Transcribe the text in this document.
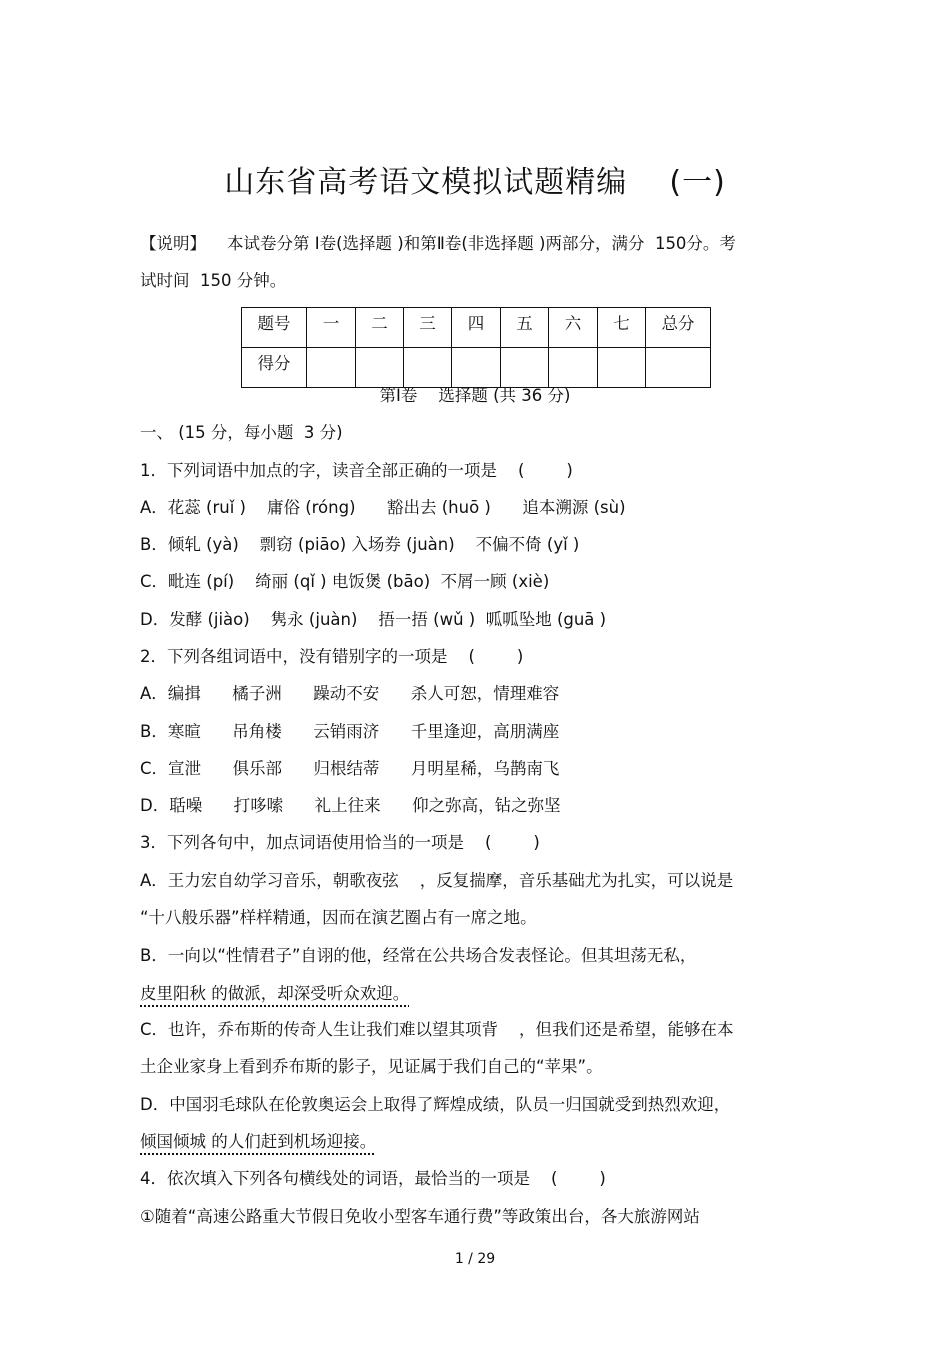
山东省高考语文模拟试题精编    (一)
【说明】    本试卷分第 Ⅰ卷(选择题 )和第Ⅱ卷(非选择题 )两部分，满分  150分。考
试时间  150 分钟。
题号	一	二	三	四	五	六	七	总分
得分								
第Ⅰ卷    选择题 (共 36 分)
一、 (15 分，每小题  3 分)
1．下列词语中加点的字，读音全部正确的一项是    (        )
A．花蕊 (ruǐ )    庸俗 (róng)      豁出去 (huō )      追本溯源 (sù)
B．倾轧 (yà)    剽窃 (piāo) 入场券 (juàn)    不偏不倚 (yǐ )
C．毗连 (pí)    绮丽 (qǐ ) 电饭煲 (bāo)  不屑一顾 (xiè)
D．发酵 (jiào)    隽永 (juàn)    捂一捂 (wǔ )  呱呱坠地 (guā )
2．下列各组词语中，没有错别字的一项是    (        )
A．编揖      橘子洲      躁动不安      杀人可恕，情理难容
B．寒暄      吊角楼      云销雨济      千里逢迎，高朋满座
C．宣泄      俱乐部      归根结蒂      月明星稀，乌鹊南飞
D．聒噪      打哆嗦      礼上往来      仰之弥高，钻之弥坚
3．下列各句中，加点词语使用恰当的一项是    (        )
A．王力宏自幼学习音乐，朝歌夜弦    ，反复揣摩，音乐基础尤为扎实，可以说是
“十八般乐器”样样精通，因而在演艺圈占有一席之地。
B．一向以“性情君子”自诩的他，经常在公共场合发表怪论。但其坦荡无私，
皮里阳秋 的做派，却深受听众欢迎。
C．也许，乔布斯的传奇人生让我们难以望其项背    ，但我们还是希望，能够在本
土企业家身上看到乔布斯的影子，见证属于我们自己的“苹果”。
D．中国羽毛球队在伦敦奥运会上取得了辉煌成绩，队员一归国就受到热烈欢迎，
倾国倾城 的人们赶到机场迎接。
4．依次填入下列各句横线处的词语，最恰当的一项是    (        )
①随着“高速公路重大节假日免收小型客车通行费”等政策出台，各大旅游网站
1 / 29
